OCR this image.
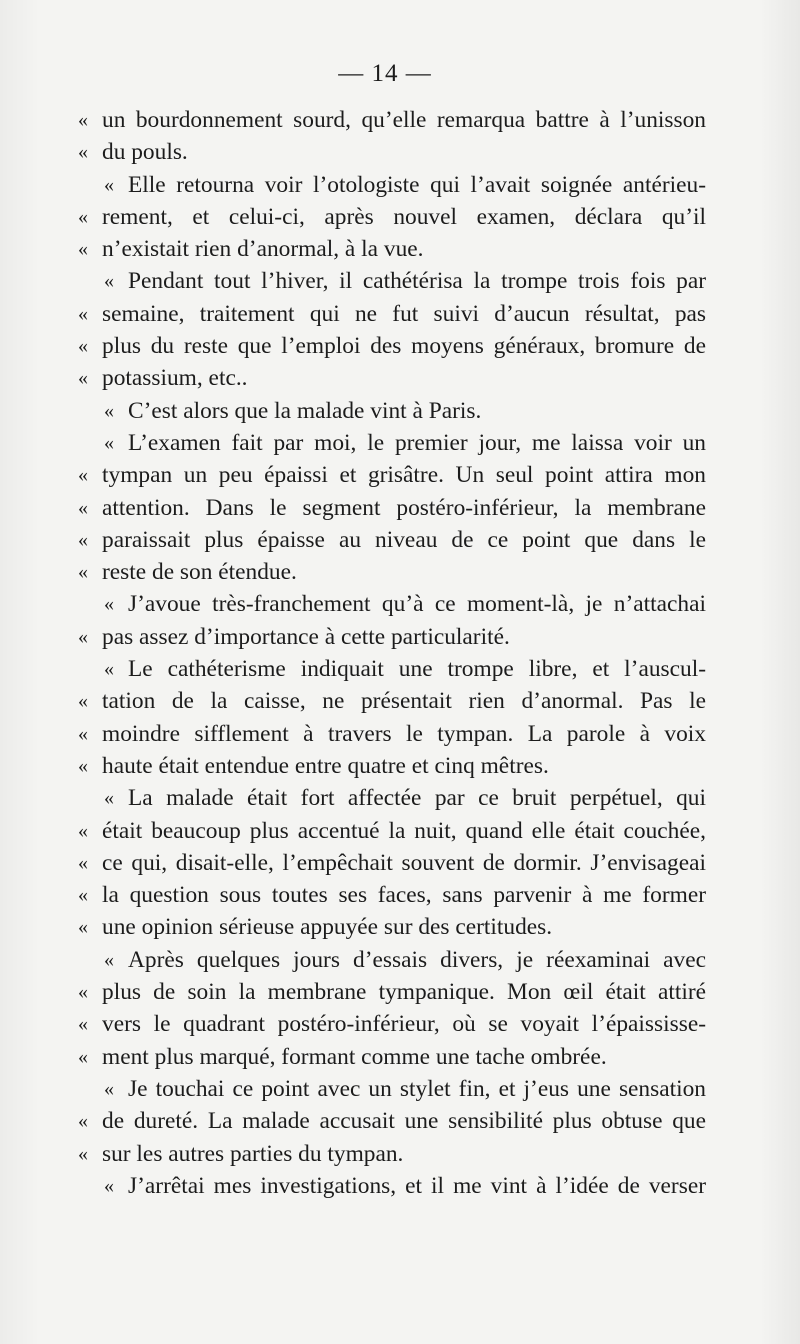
— 14 —
« un bourdonnement sourd, qu’elle remarqua battre à l’unisson
« du pouls.
« Elle retourna voir l’otologiste qui l’avait soignée antérieu-
« rement, et celui-ci, après nouvel examen, déclara qu’il
« n’existait rien d’anormal, à la vue.
« Pendant tout l’hiver, il cathétérisa la trompe trois fois par
« semaine, traitement qui ne fut suivi d’aucun résultat, pas
« plus du reste que l’emploi des moyens généraux, bromure de
« potassium, etc..
« C’est alors que la malade vint à Paris.
« L’examen fait par moi, le premier jour, me laissa voir un
« tympan un peu épaissi et grisâtre. Un seul point attira mon
« attention. Dans le segment postéro-inférieur, la membrane
« paraissait plus épaisse au niveau de ce point que dans le
« reste de son étendue.
« J’avoue très-franchement qu’à ce moment-là, je n’attachai
« pas assez d’importance à cette particularité.
« Le cathéterisme indiquait une trompe libre, et l’auscul-
« tation de la caisse, ne présentait rien d’anormal. Pas le
« moindre sifflement à travers le tympan. La parole à voix
« haute était entendue entre quatre et cinq mêtres.
« La malade était fort affectée par ce bruit perpétuel, qui
« était beaucoup plus accentué la nuit, quand elle était couchée,
« ce qui, disait-elle, l’empêchait souvent de dormir. J’envisageai
« la question sous toutes ses faces, sans parvenir à me former
« une opinion sérieuse appuyée sur des certitudes.
« Après quelques jours d’essais divers, je réexaminai avec
« plus de soin la membrane tympanique. Mon œil était attiré
« vers le quadrant postéro-inférieur, où se voyait l’épaississe-
« ment plus marqué, formant comme une tache ombrée.
« Je touchai ce point avec un stylet fin, et j’eus une sensation
« de dureté. La malade accusait une sensibilité plus obtuse que
« sur les autres parties du tympan.
« J’arrêtai mes investigations, et il me vint à l’idée de verser
